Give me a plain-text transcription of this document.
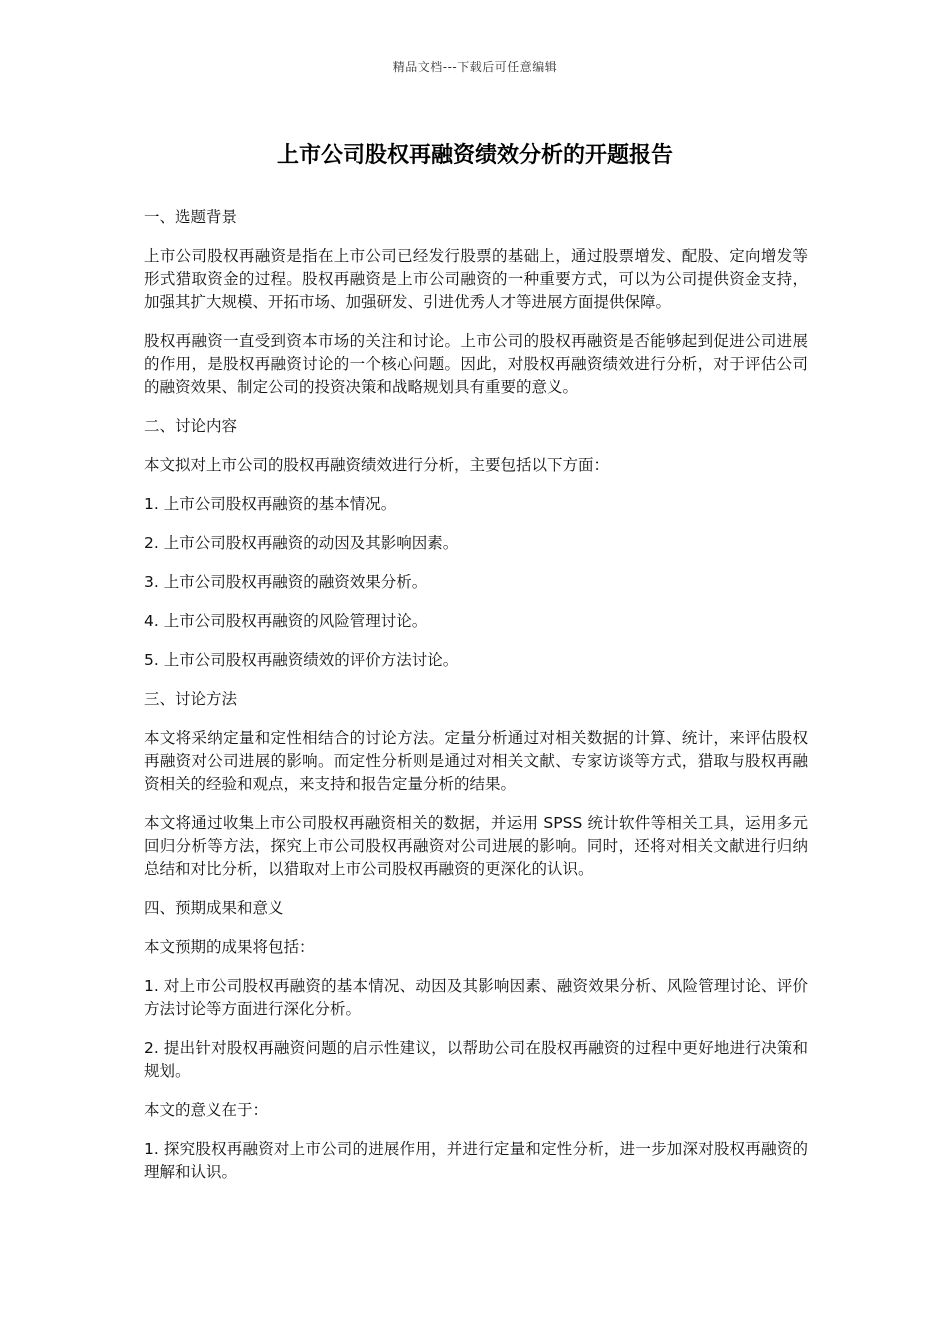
精品文档---下载后可任意编辑
上市公司股权再融资绩效分析的开题报告

一、选题背景

上市公司股权再融资是指在上市公司已经发行股票的基础上，通过股票增发、配股、定向增发等形式猎取资金的过程。股权再融资是上市公司融资的一种重要方式，可以为公司提供资金支持，加强其扩大规模、开拓市场、加强研发、引进优秀人才等进展方面提供保障。

股权再融资一直受到资本市场的关注和讨论。上市公司的股权再融资是否能够起到促进公司进展的作用，是股权再融资讨论的一个核心问题。因此，对股权再融资绩效进行分析，对于评估公司的融资效果、制定公司的投资决策和战略规划具有重要的意义。

二、讨论内容

本文拟对上市公司的股权再融资绩效进行分析，主要包括以下方面：

1. 上市公司股权再融资的基本情况。

2. 上市公司股权再融资的动因及其影响因素。

3. 上市公司股权再融资的融资效果分析。

4. 上市公司股权再融资的风险管理讨论。

5. 上市公司股权再融资绩效的评价方法讨论。

三、讨论方法

本文将采纳定量和定性相结合的讨论方法。定量分析通过对相关数据的计算、统计，来评估股权再融资对公司进展的影响。而定性分析则是通过对相关文献、专家访谈等方式，猎取与股权再融资相关的经验和观点，来支持和报告定量分析的结果。

本文将通过收集上市公司股权再融资相关的数据，并运用 SPSS 统计软件等相关工具，运用多元回归分析等方法，探究上市公司股权再融资对公司进展的影响。同时，还将对相关文献进行归纳总结和对比分析，以猎取对上市公司股权再融资的更深化的认识。

四、预期成果和意义

本文预期的成果将包括：

1. 对上市公司股权再融资的基本情况、动因及其影响因素、融资效果分析、风险管理讨论、评价方法讨论等方面进行深化分析。

2. 提出针对股权再融资问题的启示性建议，以帮助公司在股权再融资的过程中更好地进行决策和规划。

本文的意义在于：

1. 探究股权再融资对上市公司的进展作用，并进行定量和定性分析，进一步加深对股权再融资的理解和认识。
